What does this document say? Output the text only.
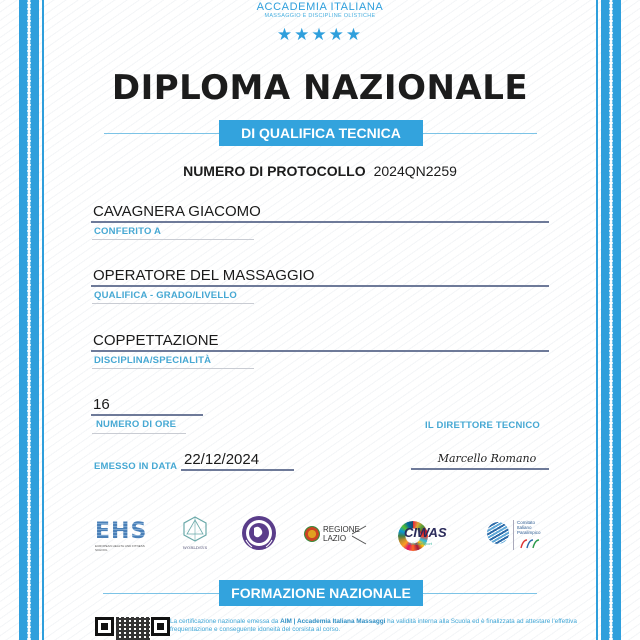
ACCADEMIA ITALIANA
MASSAGGIO E DISCIPLINE OLISTICHE
★★★★★
DIPLOMA NAZIONALE
DI QUALIFICA TECNICA
NUMERO DI PROTOCOLLO 2024QN2259
CAVAGNERA GIACOMO
CONFERITO A
OPERATORE DEL MASSAGGIO
QUALIFICA - GRADO/LIVELLO
COPPETTAZIONE
DISCIPLINA/SPECIALITÀ
16
NUMERO DI ORE	IL DIRETTORE TECNICO
Marcello Romano
EMESSO IN DATA 22/12/2024
EHS
EUROPEAN HEALTH AND FITNESS SCHOOL	WORLDSYS
REGIONE
LAZIO	CIWAS
#WeAreSport
Comitato
Italiano
Paralimpico
FORMAZIONE NAZIONALE
La certificazione nazionale emessa da AIM | Accademia Italiana Massaggi ha validità interna alla Scuola ed è finalizzata ad attestare l'effettiva frequentazione e conseguente idoneità del corsista al corso.
